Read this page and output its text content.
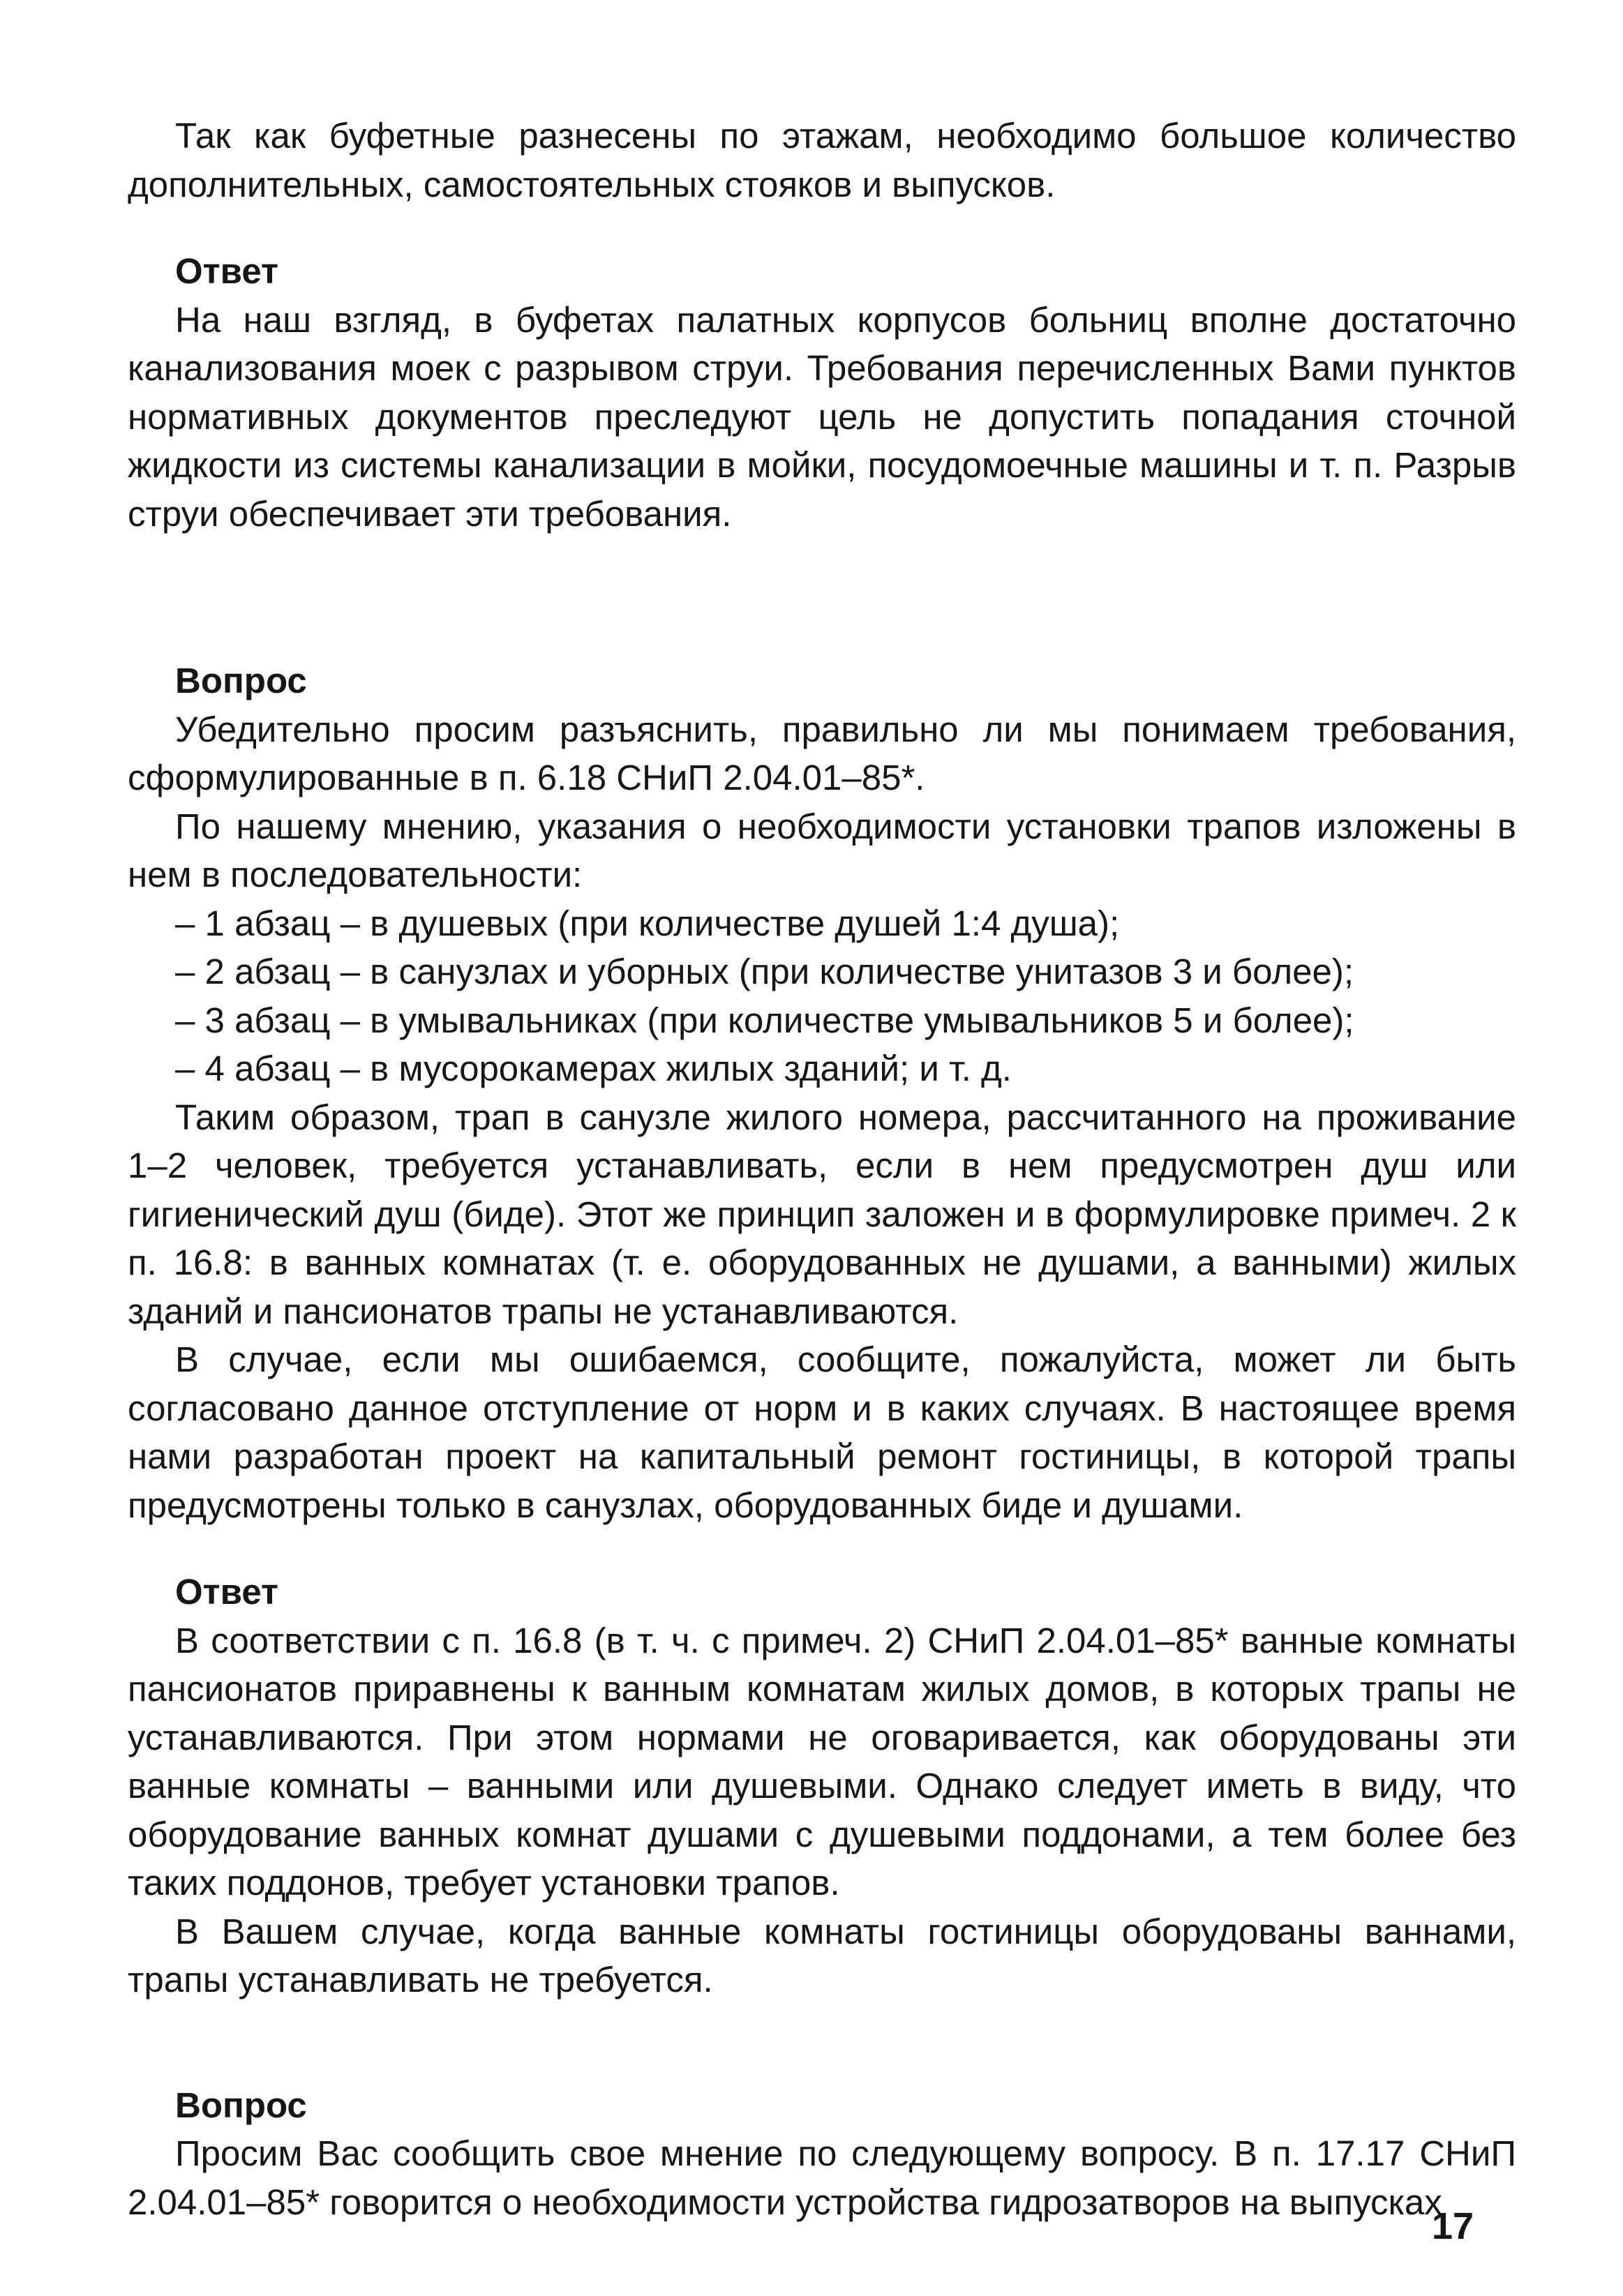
Так как буфетные разнесены по этажам, необходимо большое количество дополнительных, самостоятельных стояков и выпусков.

Ответ

На наш взгляд, в буфетах палатных корпусов больниц вполне достаточно канализования моек с разрывом струи. Требования перечисленных Вами пунктов нормативных документов преследуют цель не допустить попадания сточной жидкости из системы канализации в мойки, посудомоечные машины и т. п. Разрыв струи обеспечивает эти требования.

Вопрос

Убедительно просим разъяснить, правильно ли мы понимаем требования, сформулированные в п. 6.18 СНиП 2.04.01–85*.

По нашему мнению, указания о необходимости установки трапов изложены в нем в последовательности:

– 1 абзац – в душевых (при количестве душей 1:4 душа);

– 2 абзац – в санузлах и уборных (при количестве унитазов 3 и более);

– 3 абзац – в умывальниках (при количестве умывальников 5 и более);

– 4 абзац – в мусорокамерах жилых зданий; и т. д.

Таким образом, трап в санузле жилого номера, рассчитанного на проживание 1–2 человек, требуется устанавливать, если в нем предусмотрен душ или гигиенический душ (биде). Этот же принцип заложен и в формулировке примеч. 2 к п. 16.8: в ванных комнатах (т. е. оборудованных не душами, а ванными) жилых зданий и пансионатов трапы не устанавливаются.

В случае, если мы ошибаемся, сообщите, пожалуйста, может ли быть согласовано данное отступление от норм и в каких случаях. В настоящее время нами разработан проект на капитальный ремонт гостиницы, в которой трапы предусмотрены только в санузлах, оборудованных биде и душами.

Ответ

В соответствии с п. 16.8 (в т. ч. с примеч. 2) СНиП 2.04.01–85* ванные комнаты пансионатов приравнены к ванным комнатам жилых домов, в которых трапы не устанавливаются. При этом нормами не оговаривается, как оборудованы эти ванные комнаты – ванными или душевыми. Однако следует иметь в виду, что оборудование ванных комнат душами с душевыми поддонами, а тем более без таких поддонов, требует установки трапов.

В Вашем случае, когда ванные комнаты гостиницы оборудованы ваннами, трапы устанавливать не требуется.

Вопрос

Просим Вас сообщить свое мнение по следующему вопросу. В п. 17.17 СНиП 2.04.01–85* говорится о необходимости устройства гидрозатворов на выпусках

17
